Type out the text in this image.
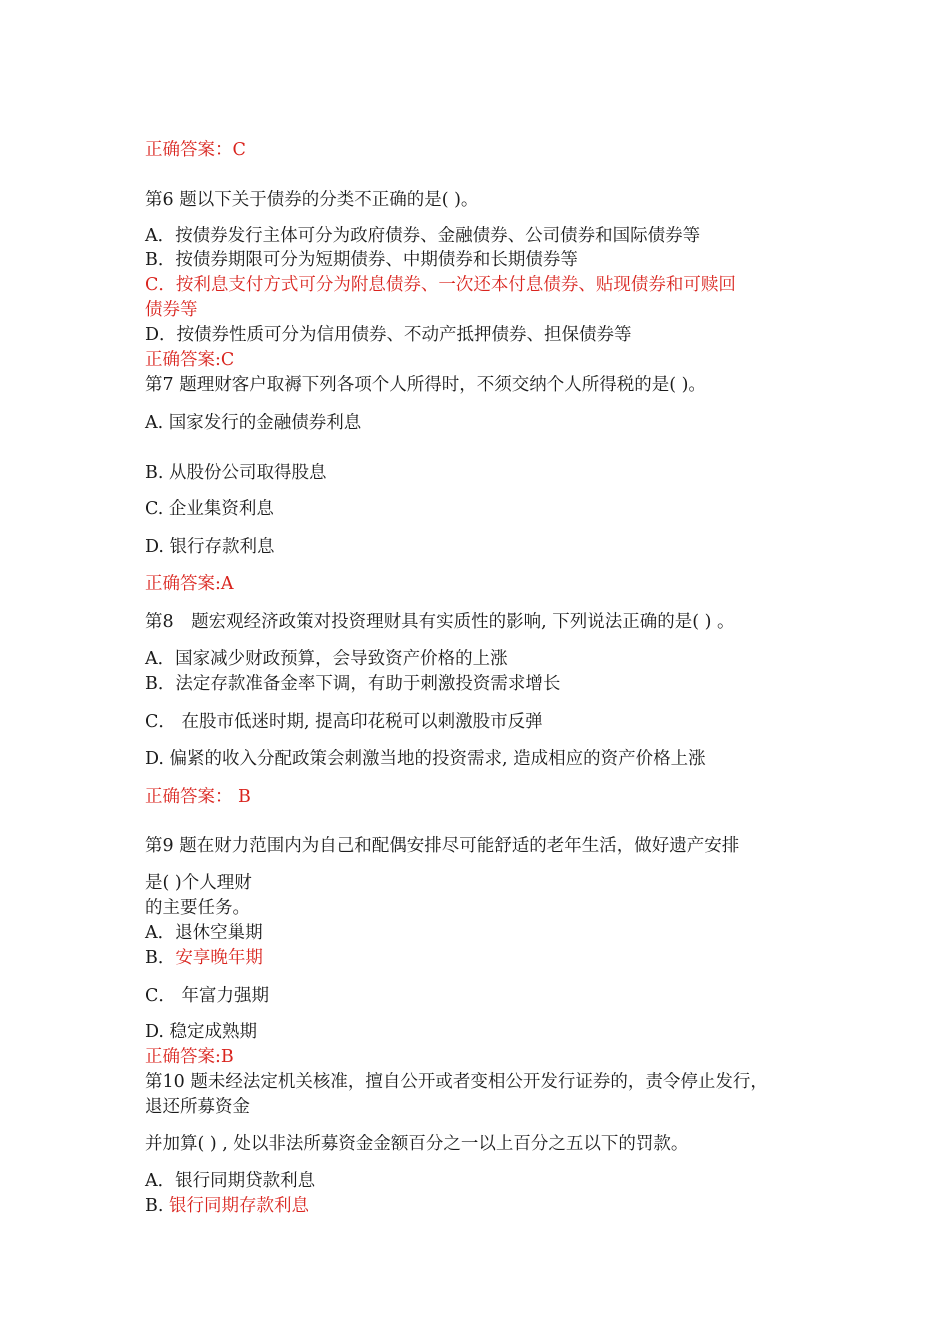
正确答案：C
第6 题以下关于债券的分类不正确的是( )。
A．按债券发行主体可分为政府债券、金融债券、公司债券和国际债券等
B．按债券期限可分为短期债券、中期债券和长期债券等
C．按利息支付方式可分为附息债券、一次还本付息债券、贴现债券和可赎回
债券等
D．按债券性质可分为信用债券、不动产抵押债券、担保债券等
正确答案:C
第7 题理财客户取褥下列各项个人所得时，不须交纳个人所得税的是( )。
A. 国家发行的金融债券利息
B. 从股份公司取得股息
C. 企业集资利息
D. 银行存款利息
正确答案:A
第8　题宏观经济政策对投资理财具有实质性的影响, 下列说法正确的是( ) 。
A．国家减少财政预算，会导致资产价格的上涨
B．法定存款准备金率下调，有助于刺激投资需求增长
C． 在股市低迷时期, 提高印花税可以刺激股市反弹
D. 偏紧的收入分配政策会刺激当地的投资需求, 造成相应的资产价格上涨
正确答案： B
第9 题在财力范围内为自己和配偶安排尽可能舒适的老年生活，做好遗产安排
是( )个人理财
的主要任务。
A．退休空巢期
B．安享晚年期
C． 年富力强期
D. 稳定成熟期
正确答案:B
第10 题未经法定机关核准，擅自公开或者变相公开发行证券的，责令停止发行，
退还所募资金
并加算( ) , 处以非法所募资金金额百分之一以上百分之五以下的罚款。
A．银行同期贷款利息
B. 银行同期存款利息
